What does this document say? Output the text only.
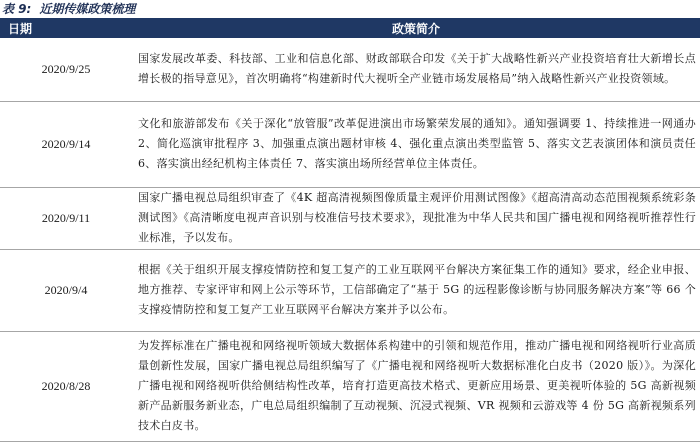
表 9: 近期传媒政策梳理
日期	政策简介
2020/9/25	国家发展改革委、科技部、工业和信息化部、财政部联合印发《关于扩大战略性新兴产业投资培育壮大新增长点增长极的指导意见》，首次明确将“构建新时代大视听全产业链市场发展格局”纳入战略性新兴产业投资领域。
2020/9/14	文化和旅游部发布《关于深化“放管服”改革促进演出市场繁荣发展的通知》。通知强调要 1、持续推进一网通办 2、简化巡演审批程序 3、加强重点演出题材审核 4、强化重点演出类型监管 5、落实文艺表演团体和演员责任 6、落实演出经纪机构主体责任 7、落实演出场所经营单位主体责任。
2020/9/11	国家广播电视总局组织审查了《4K 超高清视频图像质量主观评价用测试图像》《超高清高动态范围视频系统彩条测试图》《高清晰度电视声音识别与校准信号技术要求》，现批准为中华人民共和国广播电视和网络视听推荐性行业标准，予以发布。
2020/9/4	根据《关于组织开展支撑疫情防控和复工复产的工业互联网平台解决方案征集工作的通知》要求，经企业申报、地方推荐、专家评审和网上公示等环节，工信部确定了“基于 5G 的远程影像诊断与协同服务解决方案”等 66 个支撑疫情防控和复工复产工业互联网平台解决方案并予以公布。
2020/8/28	为发挥标准在广播电视和网络视听领域大数据体系构建中的引领和规范作用，推动广播电视和网络视听行业高质量创新性发展，国家广播电视总局组织编写了《广播电视和网络视听大数据标准化白皮书（2020 版）》。为深化广播电视和网络视听供给侧结构性改革，培育打造更高技术格式、更新应用场景、更美视听体验的 5G 高新视频新产品新服务新业态，广电总局组织编制了互动视频、沉浸式视频、VR 视频和云游戏等 4 份 5G 高新视频系列技术白皮书。
